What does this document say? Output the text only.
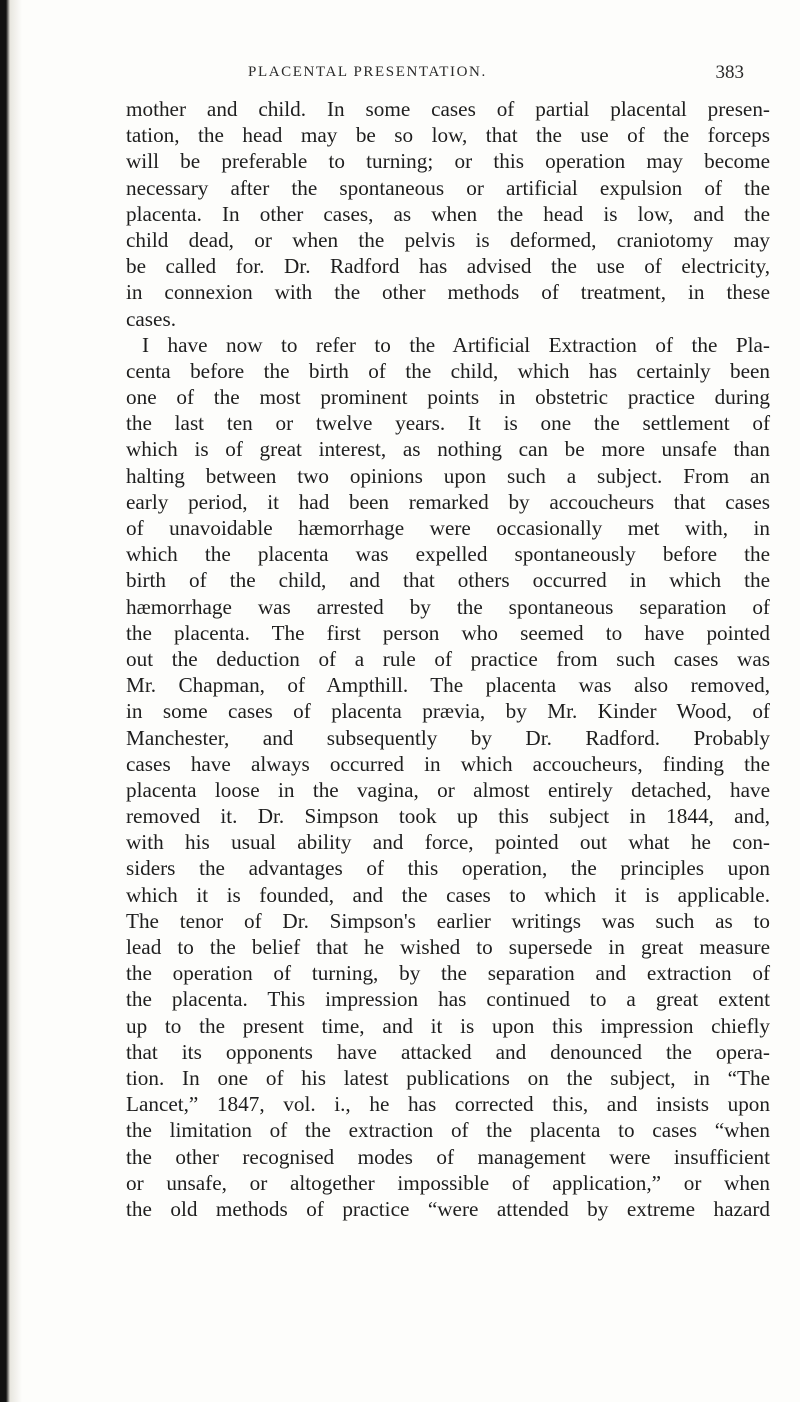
PLACENTAL PRESENTATION.	383
mother and child. In some cases of partial placental presen-
tation, the head may be so low, that the use of the forceps
will be preferable to turning; or this operation may become
necessary after the spontaneous or artificial expulsion of the
placenta. In other cases, as when the head is low, and the
child dead, or when the pelvis is deformed, craniotomy may
be called for. Dr. Radford has advised the use of electricity,
in connexion with the other methods of treatment, in these
cases.
I have now to refer to the Artificial Extraction of the Pla-
centa before the birth of the child, which has certainly been
one of the most prominent points in obstetric practice during
the last ten or twelve years. It is one the settlement of
which is of great interest, as nothing can be more unsafe than
halting between two opinions upon such a subject. From an
early period, it had been remarked by accoucheurs that cases
of unavoidable hæmorrhage were occasionally met with, in
which the placenta was expelled spontaneously before the
birth of the child, and that others occurred in which the
hæmorrhage was arrested by the spontaneous separation of
the placenta. The first person who seemed to have pointed
out the deduction of a rule of practice from such cases was
Mr. Chapman, of Ampthill. The placenta was also removed,
in some cases of placenta prævia, by Mr. Kinder Wood, of
Manchester, and subsequently by Dr. Radford. Probably
cases have always occurred in which accoucheurs, finding the
placenta loose in the vagina, or almost entirely detached, have
removed it. Dr. Simpson took up this subject in 1844, and,
with his usual ability and force, pointed out what he con-
siders the advantages of this operation, the principles upon
which it is founded, and the cases to which it is applicable.
The tenor of Dr. Simpson's earlier writings was such as to
lead to the belief that he wished to supersede in great measure
the operation of turning, by the separation and extraction of
the placenta. This impression has continued to a great extent
up to the present time, and it is upon this impression chiefly
that its opponents have attacked and denounced the opera-
tion. In one of his latest publications on the subject, in “The
Lancet,” 1847, vol. i., he has corrected this, and insists upon
the limitation of the extraction of the placenta to cases “when
the other recognised modes of management were insufficient
or unsafe, or altogether impossible of application,” or when
the old methods of practice “were attended by extreme hazard
